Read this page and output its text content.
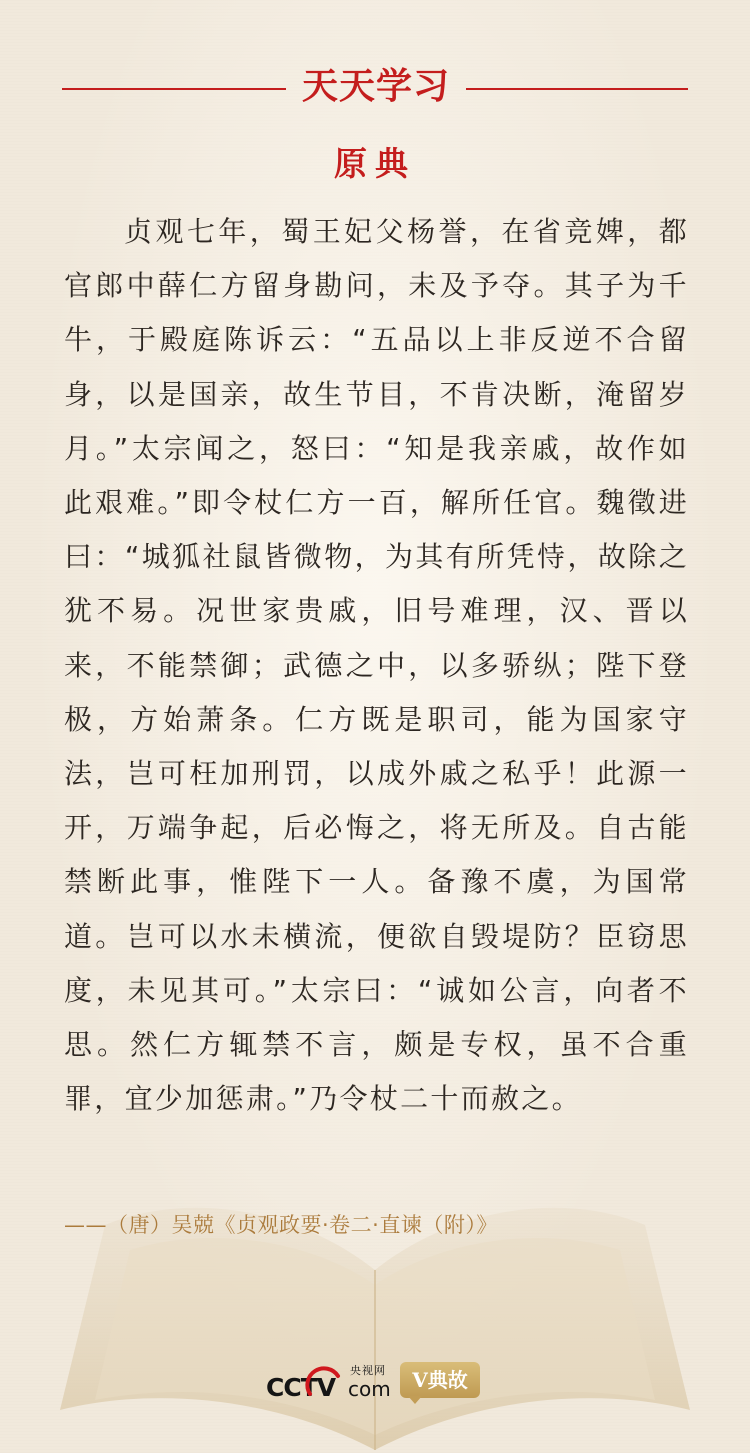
天天学习
原典

贞观七年，蜀王妃父杨誉，在省竞婢，都官郎中薛仁方留身勘问，未及予夺。其子为千牛，于殿庭陈诉云：“五品以上非反逆不合留身，以是国亲，故生节目，不肯决断，淹留岁月。”太宗闻之，怒曰：“知是我亲戚，故作如此艰难。”即令杖仁方一百，解所任官。魏徵进曰：“城狐社鼠皆微物，为其有所凭恃，故除之犹不易。况世家贵戚，旧号难理，汉、晋以来，不能禁御；武德之中，以多骄纵；陛下登极，方始萧条。仁方既是职司，能为国家守法，岂可枉加刑罚，以成外戚之私乎！此源一开，万端争起，后必悔之，将无所及。自古能禁断此事，惟陛下一人。备豫不虞，为国常道。岂可以水未横流，便欲自毁堤防？臣窃思度，未见其可。”太宗曰：“诚如公言，向者不思。然仁方辄禁不言，颇是专权，虽不合重罪，宜少加惩肃。”乃令杖二十而赦之。

——（唐）吴兢《贞观政要·卷二·直谏（附）》
CCTV
央视网
com	V典故
